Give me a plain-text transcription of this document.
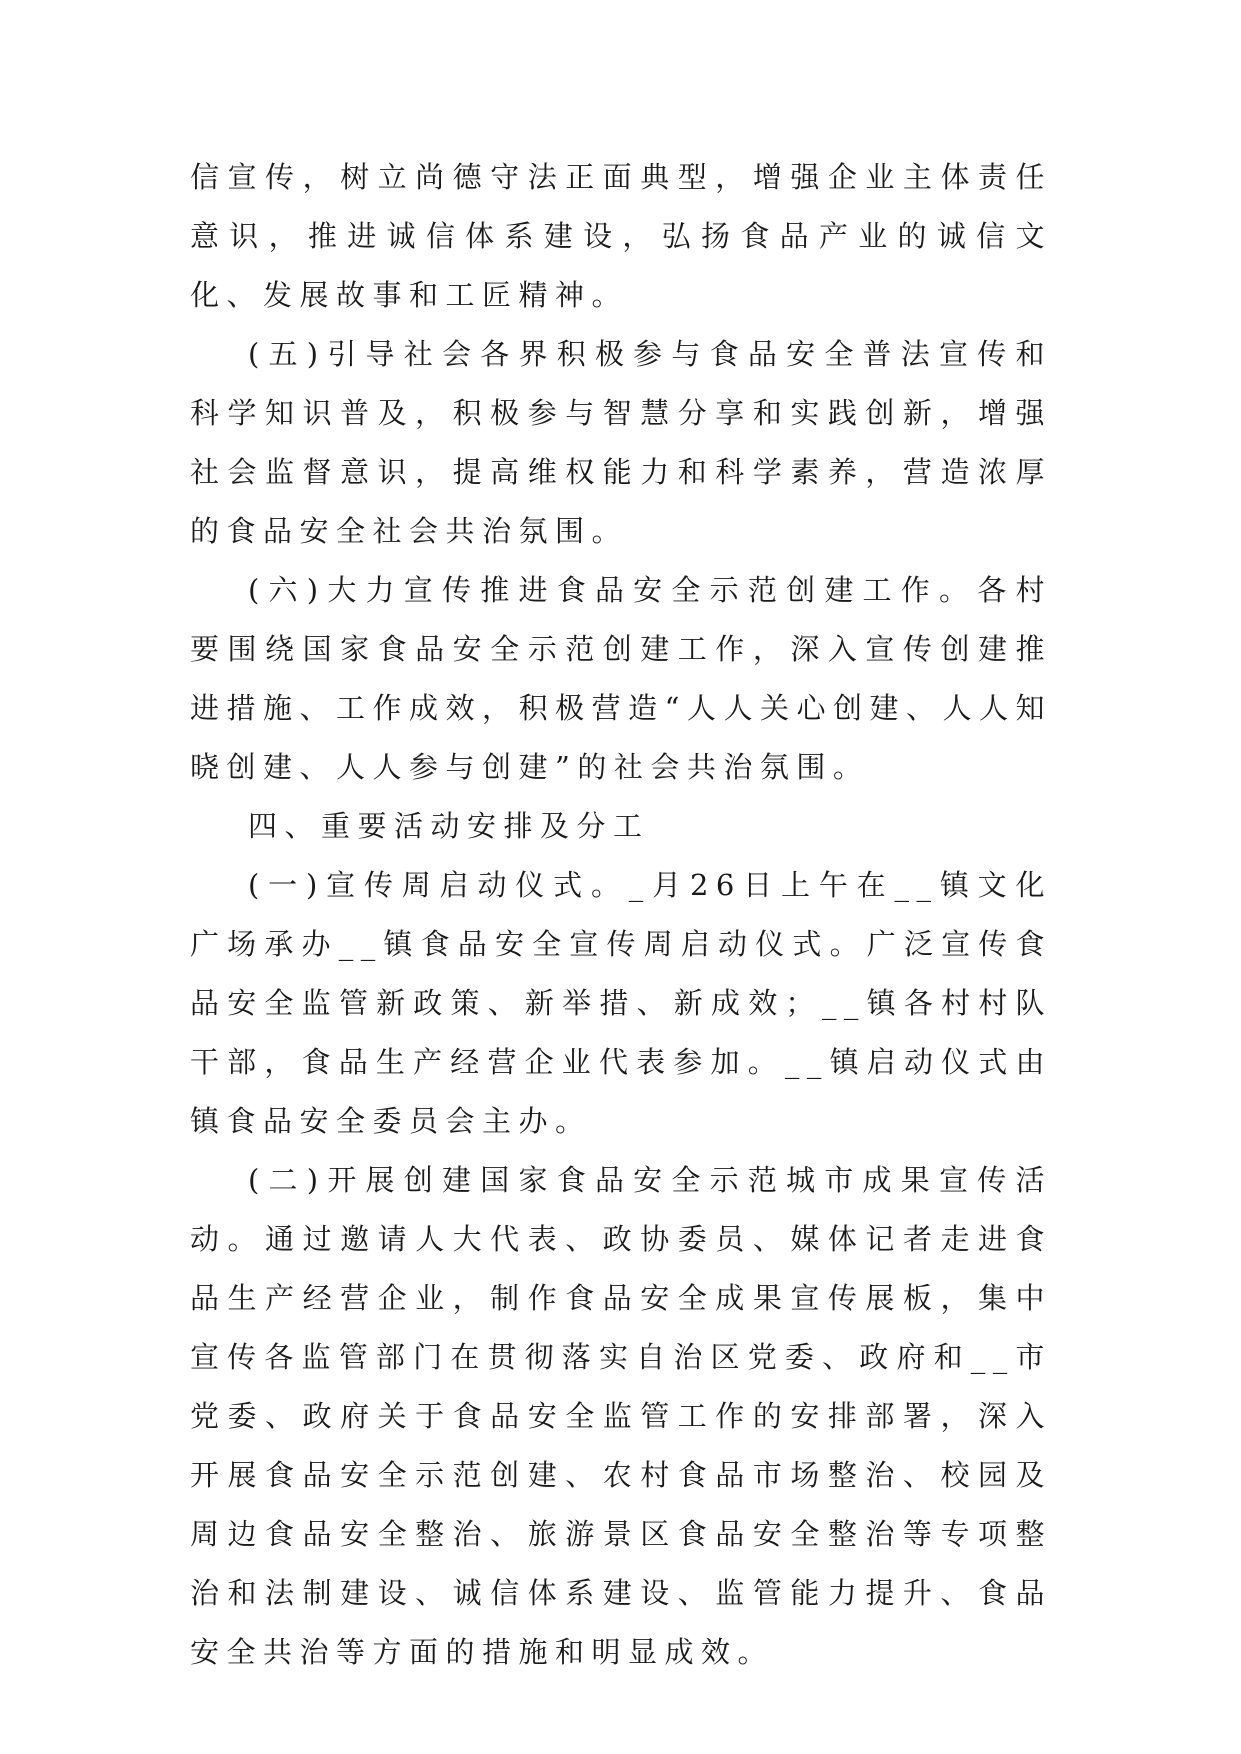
信宣传，树立尚德守法正面典型，增强企业主体责任意识，推进诚信体系建设，弘扬食品产业的诚信文化、发展故事和工匠精神。

(五)引导社会各界积极参与食品安全普法宣传和科学知识普及，积极参与智慧分享和实践创新，增强社会监督意识，提高维权能力和科学素养，营造浓厚的食品安全社会共治氛围。

(六)大力宣传推进食品安全示范创建工作。各村要围绕国家食品安全示范创建工作，深入宣传创建推进措施、工作成效，积极营造“人人关心创建、人人知晓创建、人人参与创建”的社会共治氛围。

四、重要活动安排及分工

(一)宣传周启动仪式。_月26日上午在__镇文化广场承办__镇食品安全宣传周启动仪式。广泛宣传食品安全监管新政策、新举措、新成效；__镇各村村队干部，食品生产经营企业代表参加。__镇启动仪式由镇食品安全委员会主办。

(二)开展创建国家食品安全示范城市成果宣传活动。通过邀请人大代表、政协委员、媒体记者走进食品生产经营企业，制作食品安全成果宣传展板，集中宣传各监管部门在贯彻落实自治区党委、政府和__市党委、政府关于食品安全监管工作的安排部署，深入开展食品安全示范创建、农村食品市场整治、校园及周边食品安全整治、旅游景区食品安全整治等专项整治和法制建设、诚信体系建设、监管能力提升、食品安全共治等方面的措施和明显成效。
